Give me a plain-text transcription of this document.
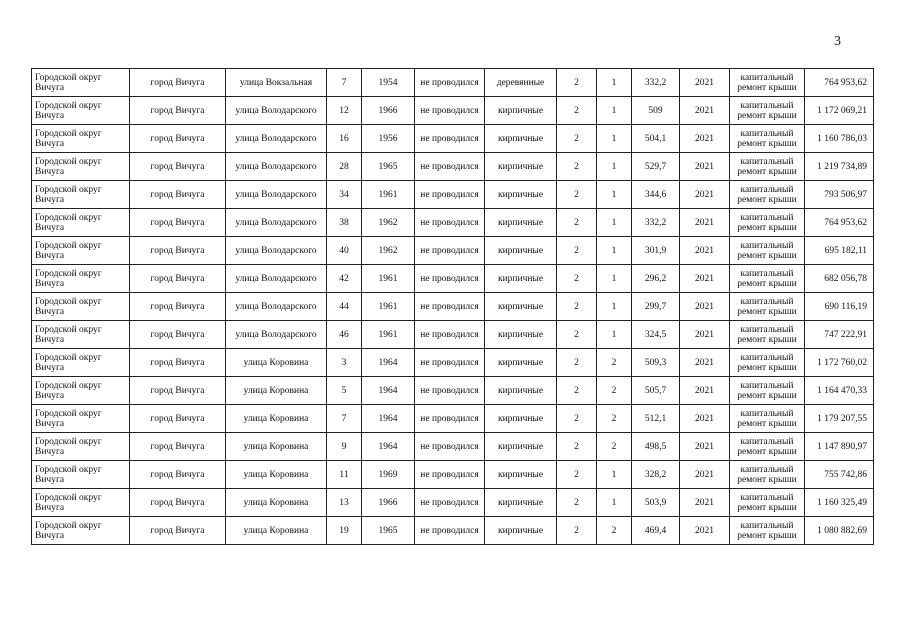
3
Городской округ Вичуга	город Вичуга	улица Вокзальная	7	1954	не проводился	деревянные	2	1	332,2	2021	капитальный ремонт крыши	764 953,62
Городской округ Вичуга	город Вичуга	улица Володарского	12	1966	не проводился	кирпичные	2	1	509	2021	капитальный ремонт крыши	1 172 069,21
Городской округ Вичуга	город Вичуга	улица Володарского	16	1956	не проводился	кирпичные	2	1	504,1	2021	капитальный ремонт крыши	1 160 786,03
Городской округ Вичуга	город Вичуга	улица Володарского	28	1965	не проводился	кирпичные	2	1	529,7	2021	капитальный ремонт крыши	1 219 734,89
Городской округ Вичуга	город Вичуга	улица Володарского	34	1961	не проводился	кирпичные	2	1	344,6	2021	капитальный ремонт крыши	793 506,97
Городской округ Вичуга	город Вичуга	улица Володарского	38	1962	не проводился	кирпичные	2	1	332,2	2021	капитальный ремонт крыши	764 953,62
Городской округ Вичуга	город Вичуга	улица Володарского	40	1962	не проводился	кирпичные	2	1	301,9	2021	капитальный ремонт крыши	695 182,11
Городской округ Вичуга	город Вичуга	улица Володарского	42	1961	не проводился	кирпичные	2	1	296,2	2021	капитальный ремонт крыши	682 056,78
Городской округ Вичуга	город Вичуга	улица Володарского	44	1961	не проводился	кирпичные	2	1	299,7	2021	капитальный ремонт крыши	690 116,19
Городской округ Вичуга	город Вичуга	улица Володарского	46	1961	не проводился	кирпичные	2	1	324,5	2021	капитальный ремонт крыши	747 222,91
Городской округ Вичуга	город Вичуга	улица Коровина	3	1964	не проводился	кирпичные	2	2	509,3	2021	капитальный ремонт крыши	1 172 760,02
Городской округ Вичуга	город Вичуга	улица Коровина	5	1964	не проводился	кирпичные	2	2	505,7	2021	капитальный ремонт крыши	1 164 470,33
Городской округ Вичуга	город Вичуга	улица Коровина	7	1964	не проводился	кирпичные	2	2	512,1	2021	капитальный ремонт крыши	1 179 207,55
Городской округ Вичуга	город Вичуга	улица Коровина	9	1964	не проводился	кирпичные	2	2	498,5	2021	капитальный ремонт крыши	1 147 890,97
Городской округ Вичуга	город Вичуга	улица Коровина	11	1969	не проводился	кирпичные	2	1	328,2	2021	капитальный ремонт крыши	755 742,86
Городской округ Вичуга	город Вичуга	улица Коровина	13	1966	не проводился	кирпичные	2	1	503,9	2021	капитальный ремонт крыши	1 160 325,49
Городской округ Вичуга	город Вичуга	улица Коровина	19	1965	не проводился	кирпичные	2	2	469,4	2021	капитальный ремонт крыши	1 080 882,69
